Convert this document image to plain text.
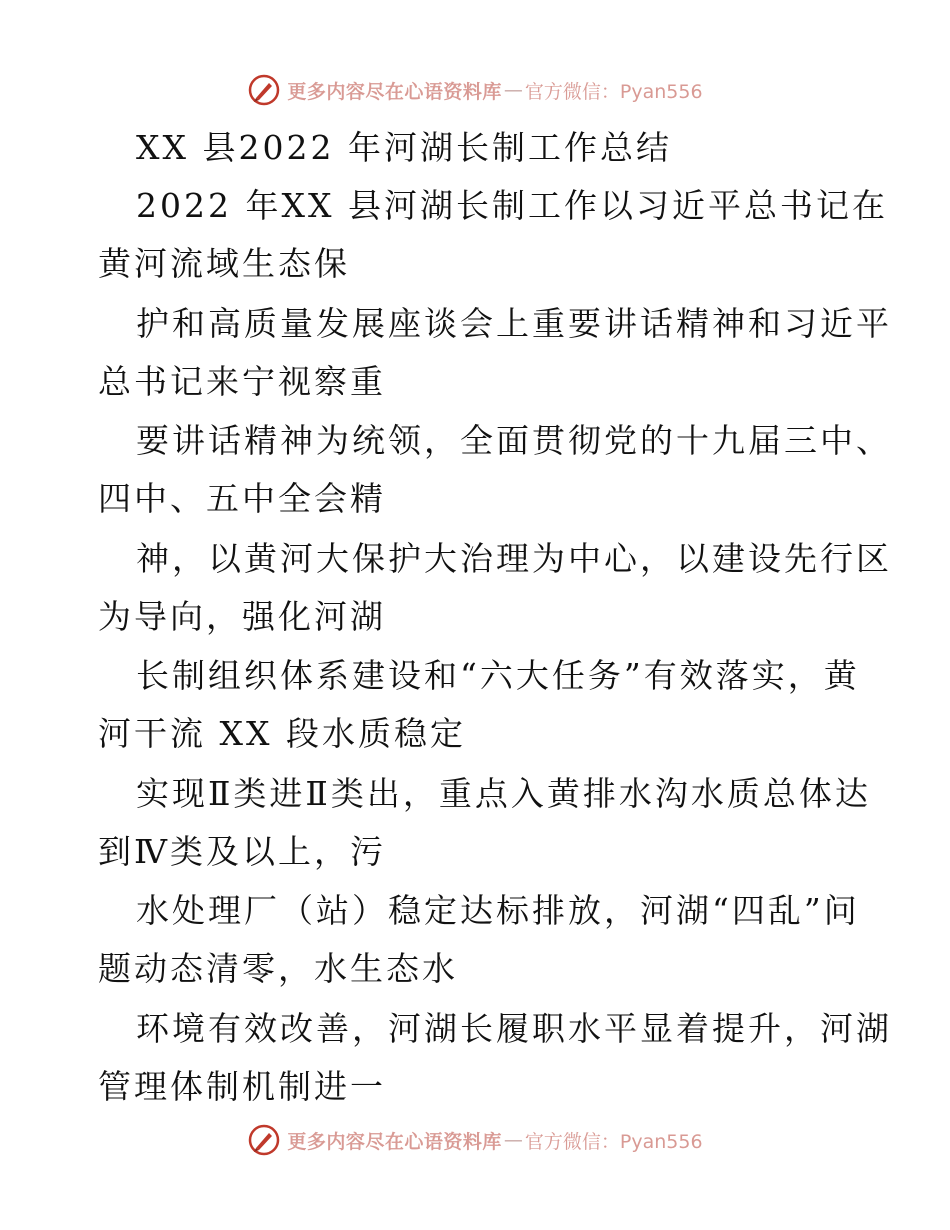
更多内容尽在心语资料库 — 官方微信：Pyan556
XX 县2022 年河湖长制工作总结
2022 年XX 县河湖长制工作以习近平总书记在
黄河流域生态保
护和高质量发展座谈会上重要讲话精神和习近平
总书记来宁视察重
要讲话精神为统领，全面贯彻党的十九届三中、
四中、五中全会精
神，以黄河大保护大治理为中心，以建设先行区
为导向，强化河湖
长制组织体系建设和“六大任务”有效落实，黄
河干流 XX 段水质稳定
实现Ⅱ类进Ⅱ类出，重点入黄排水沟水质总体达
到Ⅳ类及以上，污
水处理厂（站）稳定达标排放，河湖“四乱”问
题动态清零，水生态水
环境有效改善，河湖长履职水平显着提升，河湖
管理体制机制进一
更多内容尽在心语资料库 — 官方微信：Pyan556
